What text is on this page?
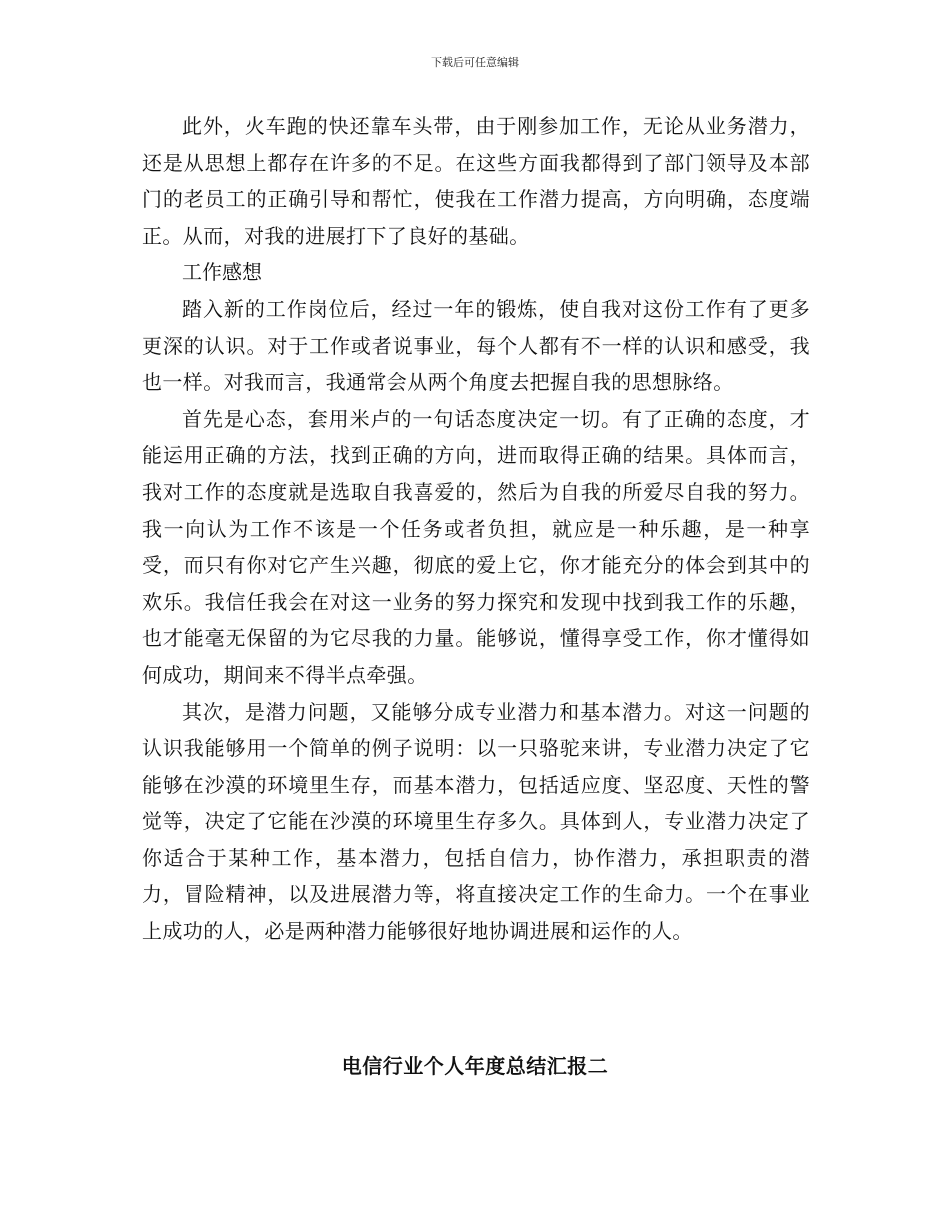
下载后可任意编辑

此外，火车跑的快还靠车头带，由于刚参加工作，无论从业务潜力，还是从思想上都存在许多的不足。在这些方面我都得到了部门领导及本部门的老员工的正确引导和帮忙，使我在工作潜力提高，方向明确，态度端正。从而，对我的进展打下了良好的基础。

工作感想

踏入新的工作岗位后，经过一年的锻炼，使自我对这份工作有了更多更深的认识。对于工作或者说事业，每个人都有不一样的认识和感受，我也一样。对我而言，我通常会从两个角度去把握自我的思想脉络。

首先是心态，套用米卢的一句话态度决定一切。有了正确的态度，才能运用正确的方法，找到正确的方向，进而取得正确的结果。具体而言，我对工作的态度就是选取自我喜爱的，然后为自我的所爱尽自我的努力。我一向认为工作不该是一个任务或者负担，就应是一种乐趣，是一种享受，而只有你对它产生兴趣，彻底的爱上它，你才能充分的体会到其中的欢乐。我信任我会在对这一业务的努力探究和发现中找到我工作的乐趣，也才能毫无保留的为它尽我的力量。能够说，懂得享受工作，你才懂得如何成功，期间来不得半点牵强。

其次，是潜力问题，又能够分成专业潜力和基本潜力。对这一问题的认识我能够用一个简单的例子说明：以一只骆驼来讲，专业潜力决定了它能够在沙漠的环境里生存，而基本潜力，包括适应度、坚忍度、天性的警觉等，决定了它能在沙漠的环境里生存多久。具体到人，专业潜力决定了你适合于某种工作，基本潜力，包括自信力，协作潜力，承担职责的潜力，冒险精神，以及进展潜力等，将直接决定工作的生命力。一个在事业上成功的人，必是两种潜力能够很好地协调进展和运作的人。

电信行业个人年度总结汇报二
